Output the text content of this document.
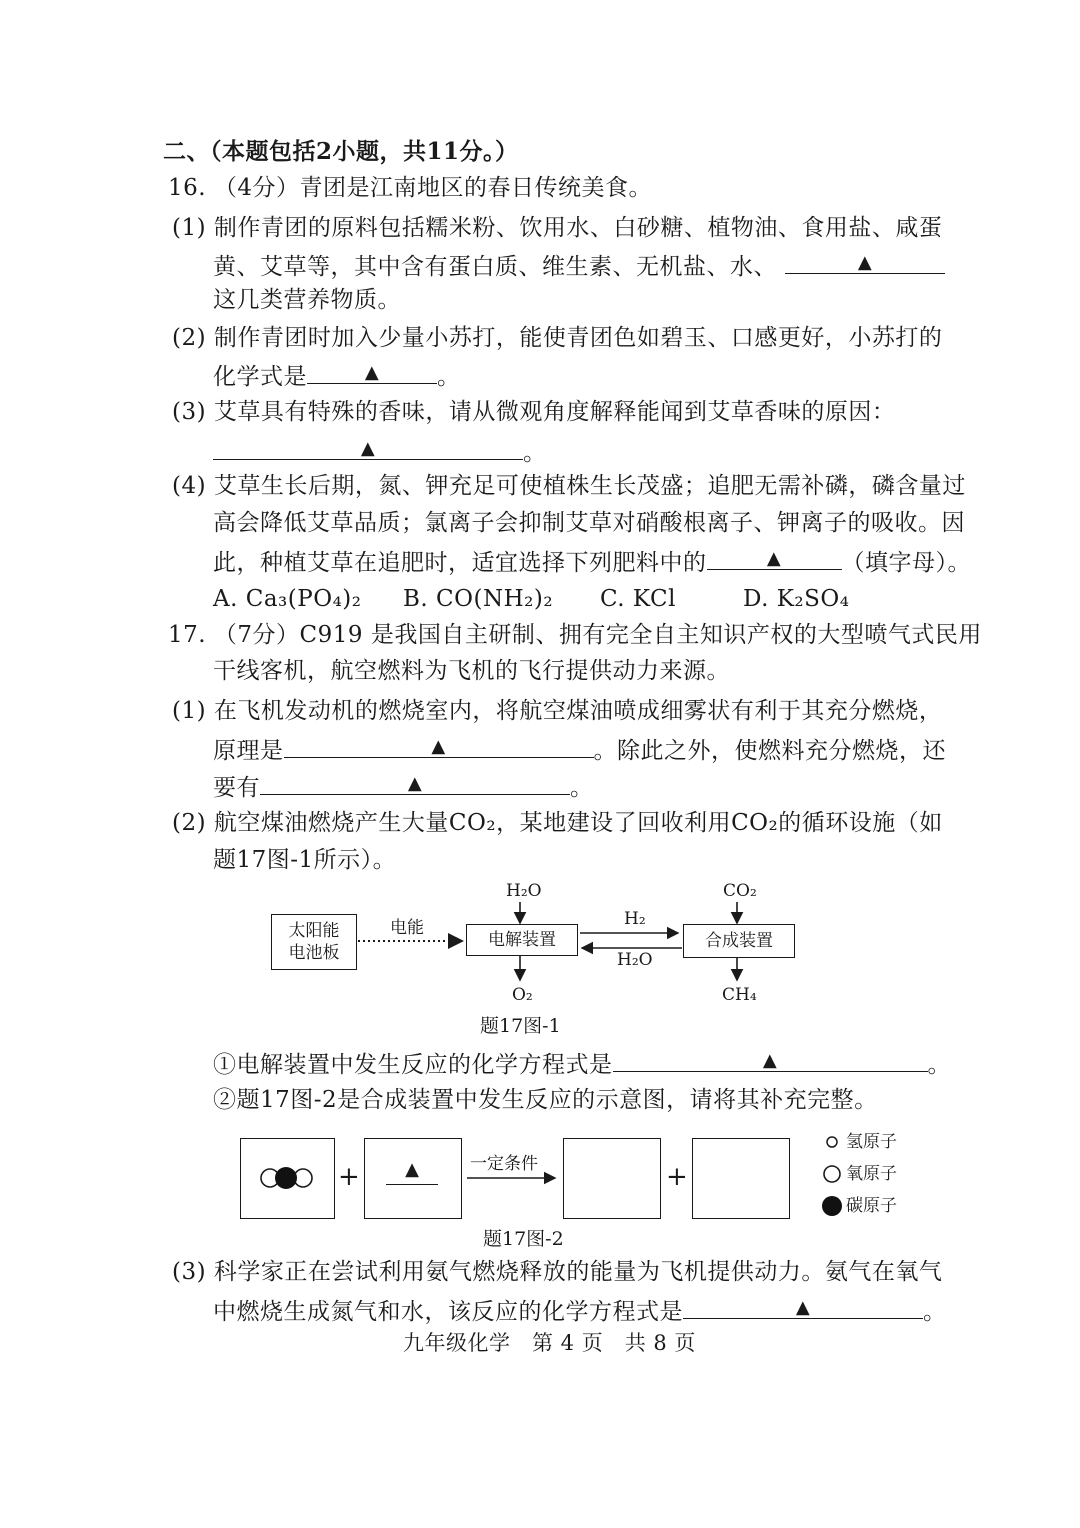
二、（本题包括2小题，共11分。）
16. （4分）青团是江南地区的春日传统美食。
(1) 制作青团的原料包括糯米粉、饮用水、白砂糖、植物油、食用盐、咸蛋
黄、艾草等，其中含有蛋白质、维生素、无机盐、水、	▲
这几类营养物质。
(2) 制作青团时加入少量小苏打，能使青团色如碧玉、口感更好，小苏打的
化学式是	▲	。
(3) 艾草具有特殊的香味，请从微观角度解释能闻到艾草香味的原因：
▲	。
(4) 艾草生长后期，氮、钾充足可使植株生长茂盛；追肥无需补磷，磷含量过
高会降低艾草品质；氯离子会抑制艾草对硝酸根离子、钾离子的吸收。因
此，种植艾草在追肥时，适宜选择下列肥料中的	▲	（填字母）。
A. Ca₃(PO₄)₂ B. CO(NH₂)₂ C. KCl	D. K₂SO₄
17. （7分）C919 是我国自主研制、拥有完全自主知识产权的大型喷气式民用
干线客机，航空燃料为飞机的飞行提供动力来源。
(1) 在飞机发动机的燃烧室内，将航空煤油喷成细雾状有利于其充分燃烧，
原理是	▲	。除此之外，使燃料充分燃烧，还
要有	▲	。
(2) 航空煤油燃烧产生大量CO₂，某地建设了回收利用CO₂的循环设施（如
题17图-1所示）。
太阳能
电池板
电能
电解装置
H₂O
O₂
H₂
H₂O
合成装置
CO₂
CH₄
题17图-1
①电解装置中发生反应的化学方程式是	▲	。
②题17图-2是合成装置中发生反应的示意图，请将其补充完整。
+ ▲	一定条件	+
氢原子
氧原子
碳原子
题17图-2
(3) 科学家正在尝试利用氨气燃烧释放的能量为飞机提供动力。氨气在氧气
中燃烧生成氮气和水，该反应的化学方程式是	▲	。
九年级化学　第 4 页　共 8 页
